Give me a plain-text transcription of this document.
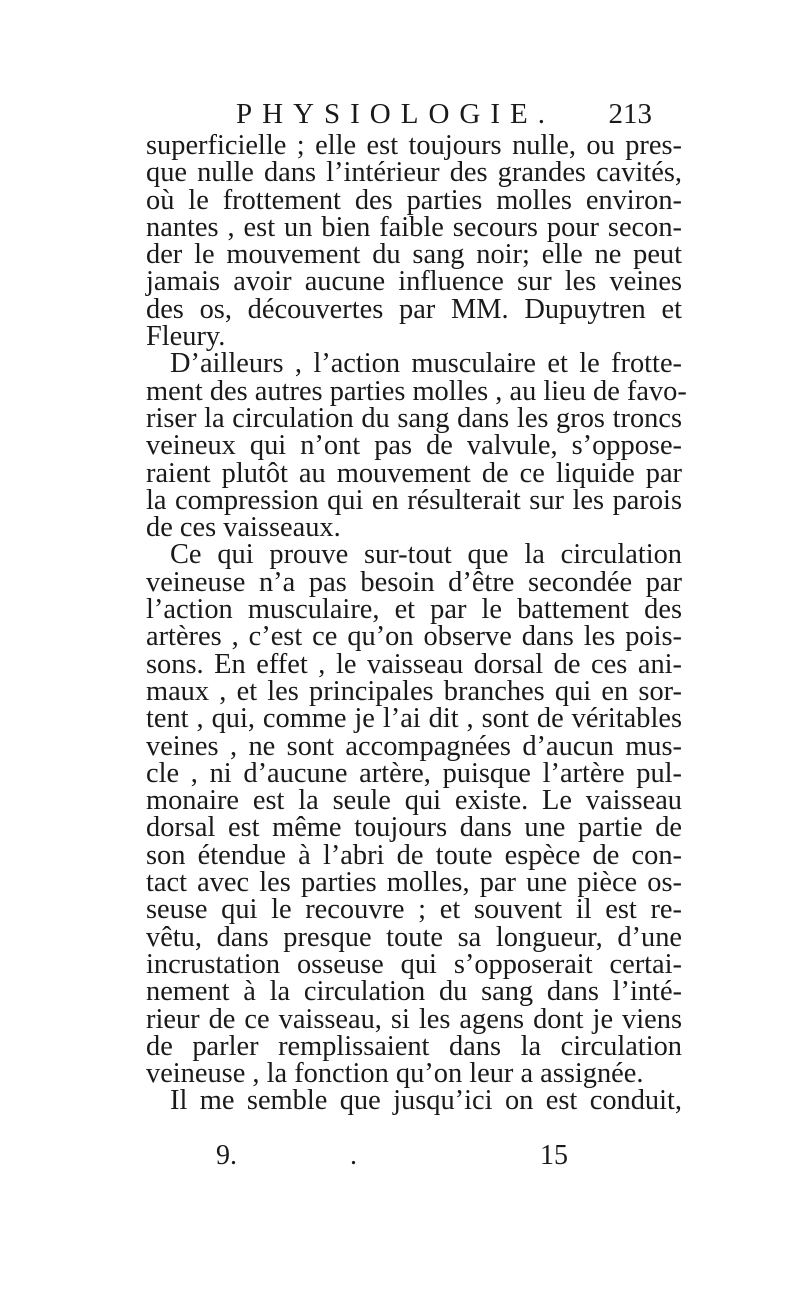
PHYSIOLOGIE. 213
superficielle ; elle est toujours nulle, ou pres-
que nulle dans l’intérieur des grandes cavités,
où le frottement des parties molles environ-
nantes , est un bien faible secours pour secon-
der le mouvement du sang noir; elle ne peut
jamais avoir aucune influence sur les veines
des os, découvertes par MM. Dupuytren et
Fleury.
D’ailleurs , l’action musculaire et le frotte-
ment des autres parties molles , au lieu de favo-
riser la circulation du sang dans les gros troncs
veineux qui n’ont pas de valvule, s’oppose-
raient plutôt au mouvement de ce liquide par
la compression qui en résulterait sur les parois
de ces vaisseaux.
Ce qui prouve sur-tout que la circulation
veineuse n’a pas besoin d’être secondée par
l’action musculaire, et par le battement des
artères , c’est ce qu’on observe dans les pois-
sons. En effet , le vaisseau dorsal de ces ani-
maux , et les principales branches qui en sor-
tent , qui, comme je l’ai dit , sont de véritables
veines , ne sont accompagnées d’aucun mus-
cle , ni d’aucune artère, puisque l’artère pul-
monaire est la seule qui existe. Le vaisseau
dorsal est même toujours dans une partie de
son étendue à l’abri de toute espèce de con-
tact avec les parties molles, par une pièce os-
seuse qui le recouvre ; et souvent il est re-
vêtu, dans presque toute sa longueur, d’une
incrustation osseuse qui s’opposerait certai-
nement à la circulation du sang dans l’inté-
rieur de ce vaisseau, si les agens dont je viens
de parler remplissaient dans la circulation
veineuse , la fonction qu’on leur a assignée.
Il me semble que jusqu’ici on est conduit,
9.	.	15
